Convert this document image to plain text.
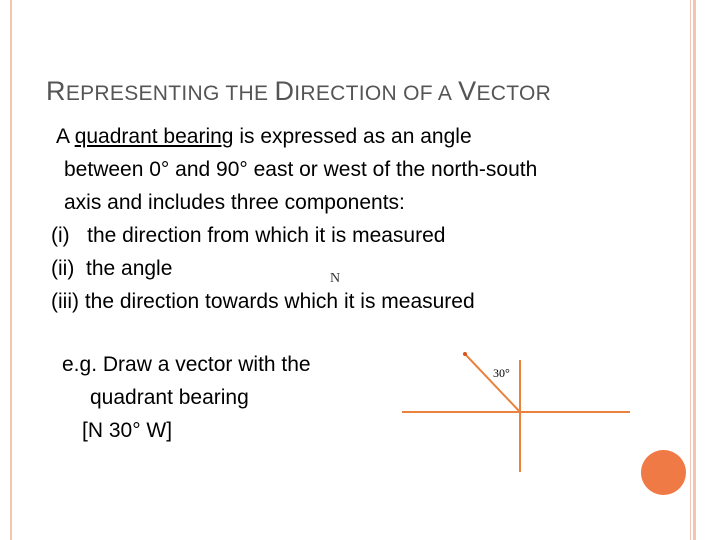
REPRESENTING THE DIRECTION OF A VECTOR
A quadrant bearing is expressed as an angle
between 0° and 90° east or west of the north-south
axis and includes three components:
(i)   the direction from which it is measured
(ii)  the angle
(iii) the direction towards which it is measured
e.g. Draw a vector with the
quadrant bearing
[N 30° W]
N
30°
